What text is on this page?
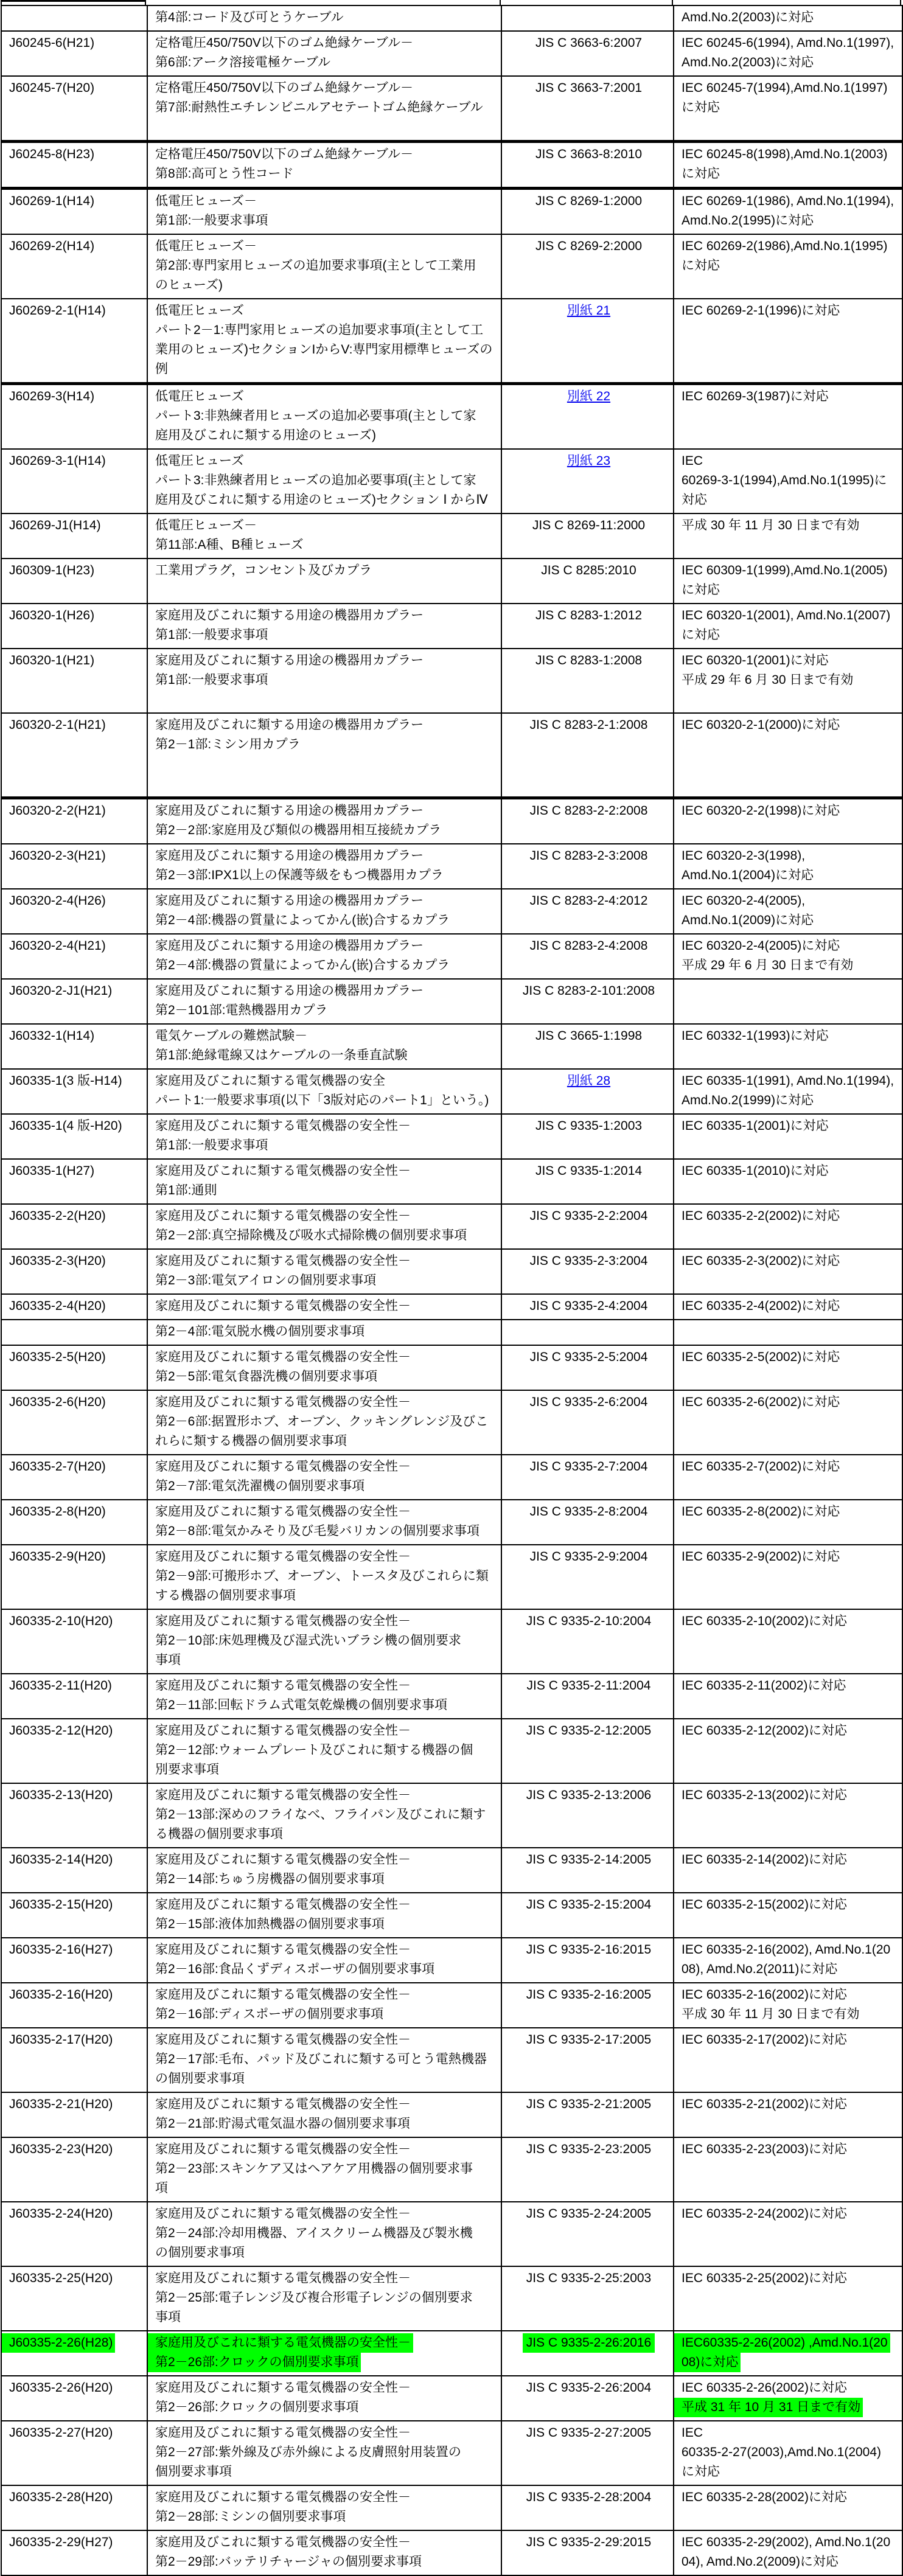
	第4部:コード及び可とうケーブル		Amd.No.2(2003)に対応

J60245-6(H21)	定格電圧450/750V以下のゴム絶縁ケーブル－
第6部:アーク溶接電極ケーブル
	JIS C 3663-6:2007	IEC 60245-6(1994), Amd.No.1(1997),
Amd.No.2(2003)に対応

J60245-7(H20)	定格電圧450/750V以下のゴム絶縁ケーブル－
第7部:耐熱性エチレンビニルアセテートゴム絶縁ケーブル

	JIS C 3663-7:2001	IEC 60245-7(1994),Amd.No.1(1997)
に対応

J60245-8(H23)	定格電圧450/750V以下のゴム絶縁ケーブル－
第8部:高可とう性コード
	JIS C 3663-8:2010	IEC 60245-8(1998),Amd.No.1(2003)
に対応

J60269-1(H14)	低電圧ヒューズ－
第1部:一般要求事項
	JIS C 8269-1:2000	IEC 60269-1(1986), Amd.No.1(1994),
Amd.No.2(1995)に対応

J60269-2(H14)	低電圧ヒューズ－
第2部:専門家用ヒューズの追加要求事項(主として工業用
のヒューズ)
	JIS C 8269-2:2000	IEC 60269-2(1986),Amd.No.1(1995)
に対応

J60269-2-1(H14)	低電圧ヒューズ
パート2－1:専門家用ヒューズの追加要求事項(主として工
業用のヒューズ)セクションIからV:専門家用標準ヒューズの
例	別紙 21	IEC 60269-2-1(1996)に対応

J60269-3(H14)	低電圧ヒューズ
パート3:非熟練者用ヒューズの追加必要事項(主として家
庭用及びこれに類する用途のヒューズ)	別紙 22	IEC 60269-3(1987)に対応

J60269-3-1(H14)	低電圧ヒューズ
パート3:非熟練者用ヒューズの追加必要事項(主として家
庭用及びこれに類する用途のヒューズ)セクション Ⅰ からⅣ
	別紙 23	IEC
60269-3-1(1994),Amd.No.1(1995)に
対応

J60269-J1(H14)	低電圧ヒューズ－
第11部:A種、B種ヒューズ	JIS C 8269-11:2000	平成 30 年 11 月 30 日まで有効

J60309-1(H23)	工業用プラグ，コンセント及びカプラ	JIS C 8285:2010	IEC 60309-1(1999),Amd.No.1(2005)
に対応

J60320-1(H26)	家庭用及びこれに類する用途の機器用カプラー
第1部:一般要求事項
	JIS C 8283-1:2012	IEC 60320-1(2001), Amd.No.1(2007)
に対応

J60320-1(H21)	家庭用及びこれに類する用途の機器用カプラー
第1部:一般要求事項

	JIS C 8283-1:2008	IEC 60320-1(2001)に対応
平成 29 年 6 月 30 日まで有効

J60320-2-1(H21)	家庭用及びこれに類する用途の機器用カプラー
第2－1部:ミシン用カプラ	JIS C 8283-2-1:2008	IEC 60320-2-1(2000)に対応

J60320-2-2(H21)	家庭用及びこれに類する用途の機器用カプラー
第2－2部:家庭用及び類似の機器用相互接続カプラ	JIS C 8283-2-2:2008	IEC 60320-2-2(1998)に対応

J60320-2-3(H21)	家庭用及びこれに類する用途の機器用カプラー
第2－3部:IPX1以上の保護等級をもつ機器用カプラ
	JIS C 8283-2-3:2008	IEC 60320-2-3(1998),
Amd.No.1(2004)に対応

J60320-2-4(H26)	家庭用及びこれに類する用途の機器用カプラー
第2－4部:機器の質量によってかん(嵌)合するカプラ
	JIS C 8283-2-4:2012	IEC 60320-2-4(2005),
Amd.No.1(2009)に対応

J60320-2-4(H21)	家庭用及びこれに類する用途の機器用カプラー
第2－4部:機器の質量によってかん(嵌)合するカプラ
	JIS C 8283-2-4:2008	IEC 60320-2-4(2005)に対応
平成 29 年 6 月 30 日まで有効

J60320-2-J1(H21)	家庭用及びこれに類する用途の機器用カプラー
第2－101部:電熱機器用カプラ	JIS C 8283-2-101:2008	

J60332-1(H14)	電気ケーブルの難燃試験－
第1部:絶縁電線又はケーブルの一条垂直試験	JIS C 3665-1:1998	IEC 60332-1(1993)に対応

J60335-1(3 版-H14)	家庭用及びこれに類する電気機器の安全
パート1:一般要求事項(以下「3版対応のパート1」という。)
	別紙 28	IEC 60335-1(1991), Amd.No.1(1994),
Amd.No.2(1999)に対応

J60335-1(4 版-H20)	家庭用及びこれに類する電気機器の安全性－
第1部:一般要求事項	JIS C 9335-1:2003	IEC 60335-1(2001)に対応

J60335-1(H27)	家庭用及びこれに類する電気機器の安全性－
第1部:通則	JIS C 9335-1:2014	IEC 60335-1(2010)に対応

J60335-2-2(H20)	家庭用及びこれに類する電気機器の安全性－
第2－2部:真空掃除機及び吸水式掃除機の個別要求事項	JIS C 9335-2-2:2004	IEC 60335-2-2(2002)に対応

J60335-2-3(H20)	家庭用及びこれに類する電気機器の安全性－
第2－3部:電気アイロンの個別要求事項	JIS C 9335-2-3:2004	IEC 60335-2-3(2002)に対応

J60335-2-4(H20)	家庭用及びこれに類する電気機器の安全性－	JIS C 9335-2-4:2004	IEC 60335-2-4(2002)に対応

	第2－4部:電気脱水機の個別要求事項		

J60335-2-5(H20)	家庭用及びこれに類する電気機器の安全性－
第2－5部:電気食器洗機の個別要求事項	JIS C 9335-2-5:2004	IEC 60335-2-5(2002)に対応

J60335-2-6(H20)	家庭用及びこれに類する電気機器の安全性－
第2－6部:据置形ホブ、オーブン、クッキングレンジ及びこ
れらに類する機器の個別要求事項	JIS C 9335-2-6:2004	IEC 60335-2-6(2002)に対応

J60335-2-7(H20)	家庭用及びこれに類する電気機器の安全性－
第2－7部:電気洗濯機の個別要求事項	JIS C 9335-2-7:2004	IEC 60335-2-7(2002)に対応

J60335-2-8(H20)	家庭用及びこれに類する電気機器の安全性－
第2－8部:電気かみそり及び毛髪バリカンの個別要求事項	JIS C 9335-2-8:2004	IEC 60335-2-8(2002)に対応

J60335-2-9(H20)	家庭用及びこれに類する電気機器の安全性－
第2－9部:可搬形ホブ、オーブン、トースタ及びこれらに類
する機器の個別要求事項	JIS C 9335-2-9:2004	IEC 60335-2-9(2002)に対応

J60335-2-10(H20)	家庭用及びこれに類する電気機器の安全性－
第2－10部:床処理機及び湿式洗いブラシ機の個別要求
事項	JIS C 9335-2-10:2004	IEC 60335-2-10(2002)に対応

J60335-2-11(H20)	家庭用及びこれに類する電気機器の安全性－
第2－11部:回転ドラム式電気乾燥機の個別要求事項	JIS C 9335-2-11:2004	IEC 60335-2-11(2002)に対応

J60335-2-12(H20)	家庭用及びこれに類する電気機器の安全性－
第2－12部:ウォームプレート及びこれに類する機器の個
別要求事項	JIS C 9335-2-12:2005	IEC 60335-2-12(2002)に対応

J60335-2-13(H20)	家庭用及びこれに類する電気機器の安全性－
第2－13部:深めのフライなべ、フライパン及びこれに類す
る機器の個別要求事項	JIS C 9335-2-13:2006	IEC 60335-2-13(2002)に対応

J60335-2-14(H20)	家庭用及びこれに類する電気機器の安全性－
第2－14部:ちゅう房機器の個別要求事項	JIS C 9335-2-14:2005	IEC 60335-2-14(2002)に対応

J60335-2-15(H20)	家庭用及びこれに類する電気機器の安全性－
第2－15部:液体加熱機器の個別要求事項	JIS C 9335-2-15:2004	IEC 60335-2-15(2002)に対応

J60335-2-16(H27)	家庭用及びこれに類する電気機器の安全性－
第2－16部:食品くずディスポーザの個別要求事項
	JIS C 9335-2-16:2015	IEC 60335-2-16(2002), Amd.No.1(20
08), Amd.No.2(2011)に対応

J60335-2-16(H20)	家庭用及びこれに類する電気機器の安全性－
第2－16部:ディスポーザの個別要求事項
	JIS C 9335-2-16:2005	IEC 60335-2-16(2002)に対応
平成 30 年 11 月 30 日まで有効

J60335-2-17(H20)	家庭用及びこれに類する電気機器の安全性－
第2－17部:毛布、パッド及びこれに類する可とう電熱機器
の個別要求事項	JIS C 9335-2-17:2005	IEC 60335-2-17(2002)に対応

J60335-2-21(H20)	家庭用及びこれに類する電気機器の安全性－
第2－21部:貯湯式電気温水器の個別要求事項	JIS C 9335-2-21:2005	IEC 60335-2-21(2002)に対応

J60335-2-23(H20)	家庭用及びこれに類する電気機器の安全性－
第2－23部:スキンケア又はヘアケア用機器の個別要求事
項	JIS C 9335-2-23:2005	IEC 60335-2-23(2003)に対応

J60335-2-24(H20)	家庭用及びこれに類する電気機器の安全性－
第2－24部:冷却用機器、アイスクリーム機器及び製氷機
の個別要求事項	JIS C 9335-2-24:2005	IEC 60335-2-24(2002)に対応

J60335-2-25(H20)	家庭用及びこれに類する電気機器の安全性－
第2－25部:電子レンジ及び複合形電子レンジの個別要求
事項	JIS C 9335-2-25:2003	IEC 60335-2-25(2002)に対応

J60335-2-26(H28)	家庭用及びこれに類する電気機器の安全性－
第2－26部:クロックの個別要求事項

JIS C 9335-2-26:2016	IEC60335-2-26(2002) ,Amd.No.1(20
08)に対応

J60335-2-26(H20)	家庭用及びこれに類する電気機器の安全性－
第2－26部:クロックの個別要求事項
	JIS C 9335-2-26:2004	IEC 60335-2-26(2002)に対応
平成 31 年 10 月 31 日まで有効

J60335-2-27(H20)	家庭用及びこれに類する電気機器の安全性－
第2－27部:紫外線及び赤外線による皮膚照射用装置の
個別要求事項
	JIS C 9335-2-27:2005	IEC
60335-2-27(2003),Amd.No.1(2004)
に対応

J60335-2-28(H20)	家庭用及びこれに類する電気機器の安全性－
第2－28部:ミシンの個別要求事項	JIS C 9335-2-28:2004	IEC 60335-2-28(2002)に対応

J60335-2-29(H27)	家庭用及びこれに類する電気機器の安全性－
第2－29部:バッテリチャージャの個別要求事項
	JIS C 9335-2-29:2015	IEC 60335-2-29(2002), Amd.No.1(20
04), Amd.No.2(2009)に対応
